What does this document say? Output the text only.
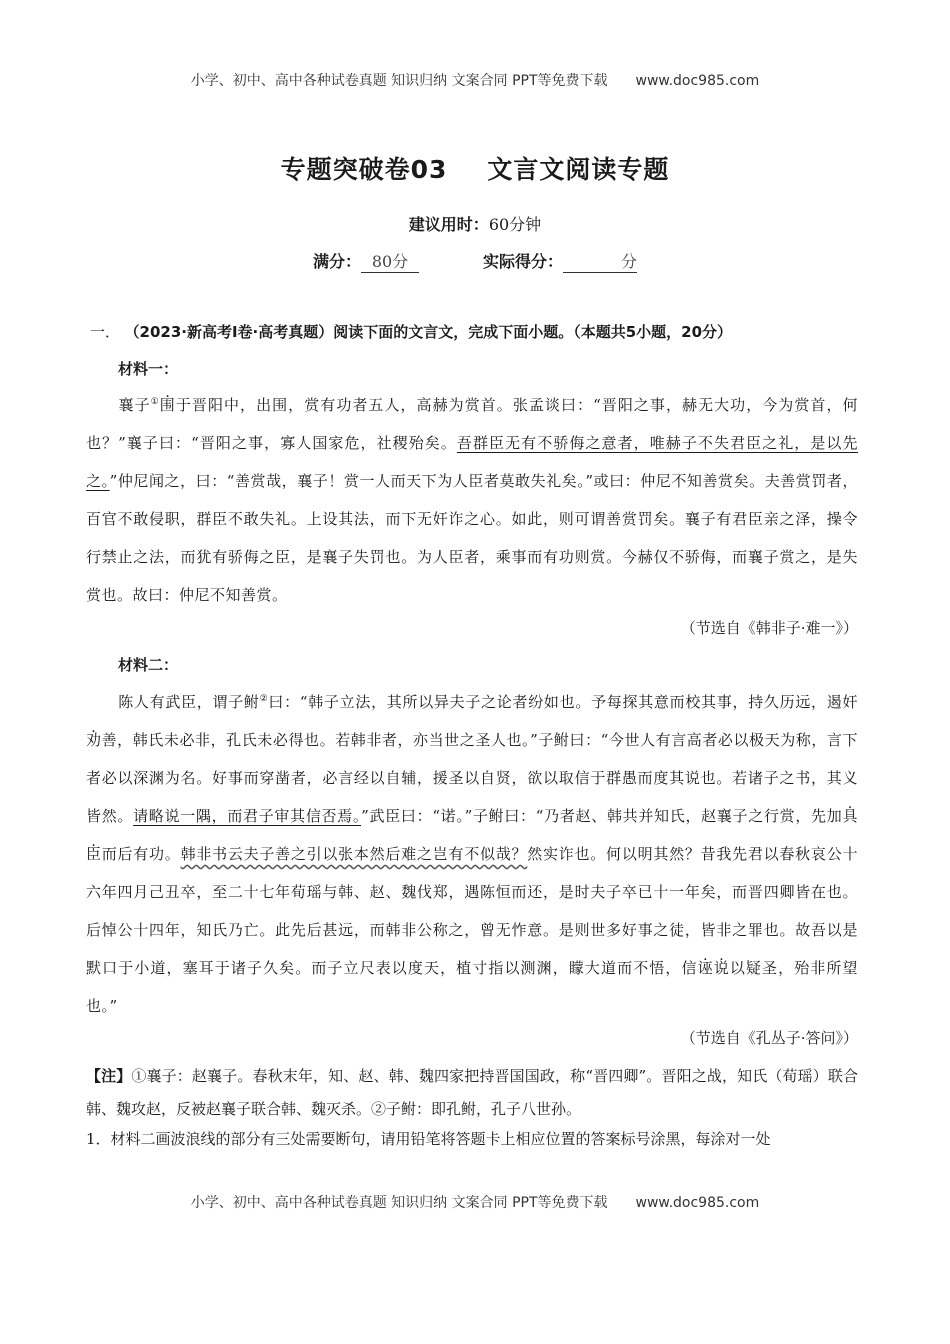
小学、初中、高中各种试卷真题 知识归纳 文案合同 PPT等免费下载 www.doc985.com
专题突破卷03 文言文阅读专题
建议用时：60分钟
满分： 80分	实际得分：	分
一． （2023·新高考Ⅰ卷·高考真题）阅读下面的文言文，完成下面小题。（本题共5小题，20分）
材料一：
襄子①围于晋阳中，出围，赏有功者五人，高赫为赏首。张孟谈曰：“晋阳之事，赫无大功，今为赏首，何也？”襄子曰：“晋阳之事，寡人国家危，社稷殆矣。吾群臣无有不骄侮之意者，唯赫子不失君臣之礼，是以先之。”仲尼闻之，曰：“善赏哉，襄子！赏一人而天下为人臣者莫敢失礼矣。”或曰：仲尼不知善赏矣。夫善赏罚者，百官不敢侵职，群臣不敢失礼。上设其法，而下无奸诈之心。如此，则可谓善赏罚矣。襄子有君臣亲之泽，操令行禁止之法，而犹有骄侮之臣，是襄子失罚也。为人臣者，乘事而有功则赏。今赫仅不骄侮，而襄子赏之，是失赏也。故曰：仲尼不知善赏。
（节选自《韩非子·难一》）
材料二：
陈人有武臣，谓子鲋②曰：“韩子立法，其所以异夫子之论者纷如也。予每探其意而校其事，持久历远，遏奸劝善，韩氏未必非，孔氏未必得也。若韩非者，亦当世之圣人也。”子鲋曰：“今世人有言高者必以极天为称，言下者必以深渊为名。好事而穿凿者，必言经以自辅，援圣以自贤，欲以取信于群愚而度其说也。若诸子之书，其义皆然。请略说一隅，而君子审其信否焉。”武臣曰：“诺。”子鲋曰：“乃者赵、韩共并知氏，赵襄子之行赏，先加具臣而后有功。韩非书云夫子善之引以张本然后难之岂有不似哉？然实诈也。何以明其然？昔我先君以春秋哀公十六年四月己丑卒，至二十七年荀瑶与韩、赵、魏伐郑，遇陈恒而还，是时夫子卒已十一年矣，而晋四卿皆在也。后悼公十四年，知氏乃亡。此先后甚远，而韩非公称之，曾无怍意。是则世多好事之徒，皆非之罪也。故吾以是默口于小道，塞耳于诸子久矣。而子立尺表以度天，植寸指以测渊，矇大道而不悟，信诬说以疑圣，殆非所望也。”
（节选自《孔丛子·答问》）
【注】①襄子：赵襄子。春秋末年，知、赵、韩、魏四家把持晋国国政，称“晋四卿”。晋阳之战，知氏（荀瑶）联合韩、魏攻赵，反被赵襄子联合韩、魏灭杀。②子鲋：即孔鲋，孔子八世孙。
1．材料二画波浪线的部分有三处需要断句，请用铅笔将答题卡上相应位置的答案标号涂黑，每涂对一处
小学、初中、高中各种试卷真题 知识归纳 文案合同 PPT等免费下载 www.doc985.com
